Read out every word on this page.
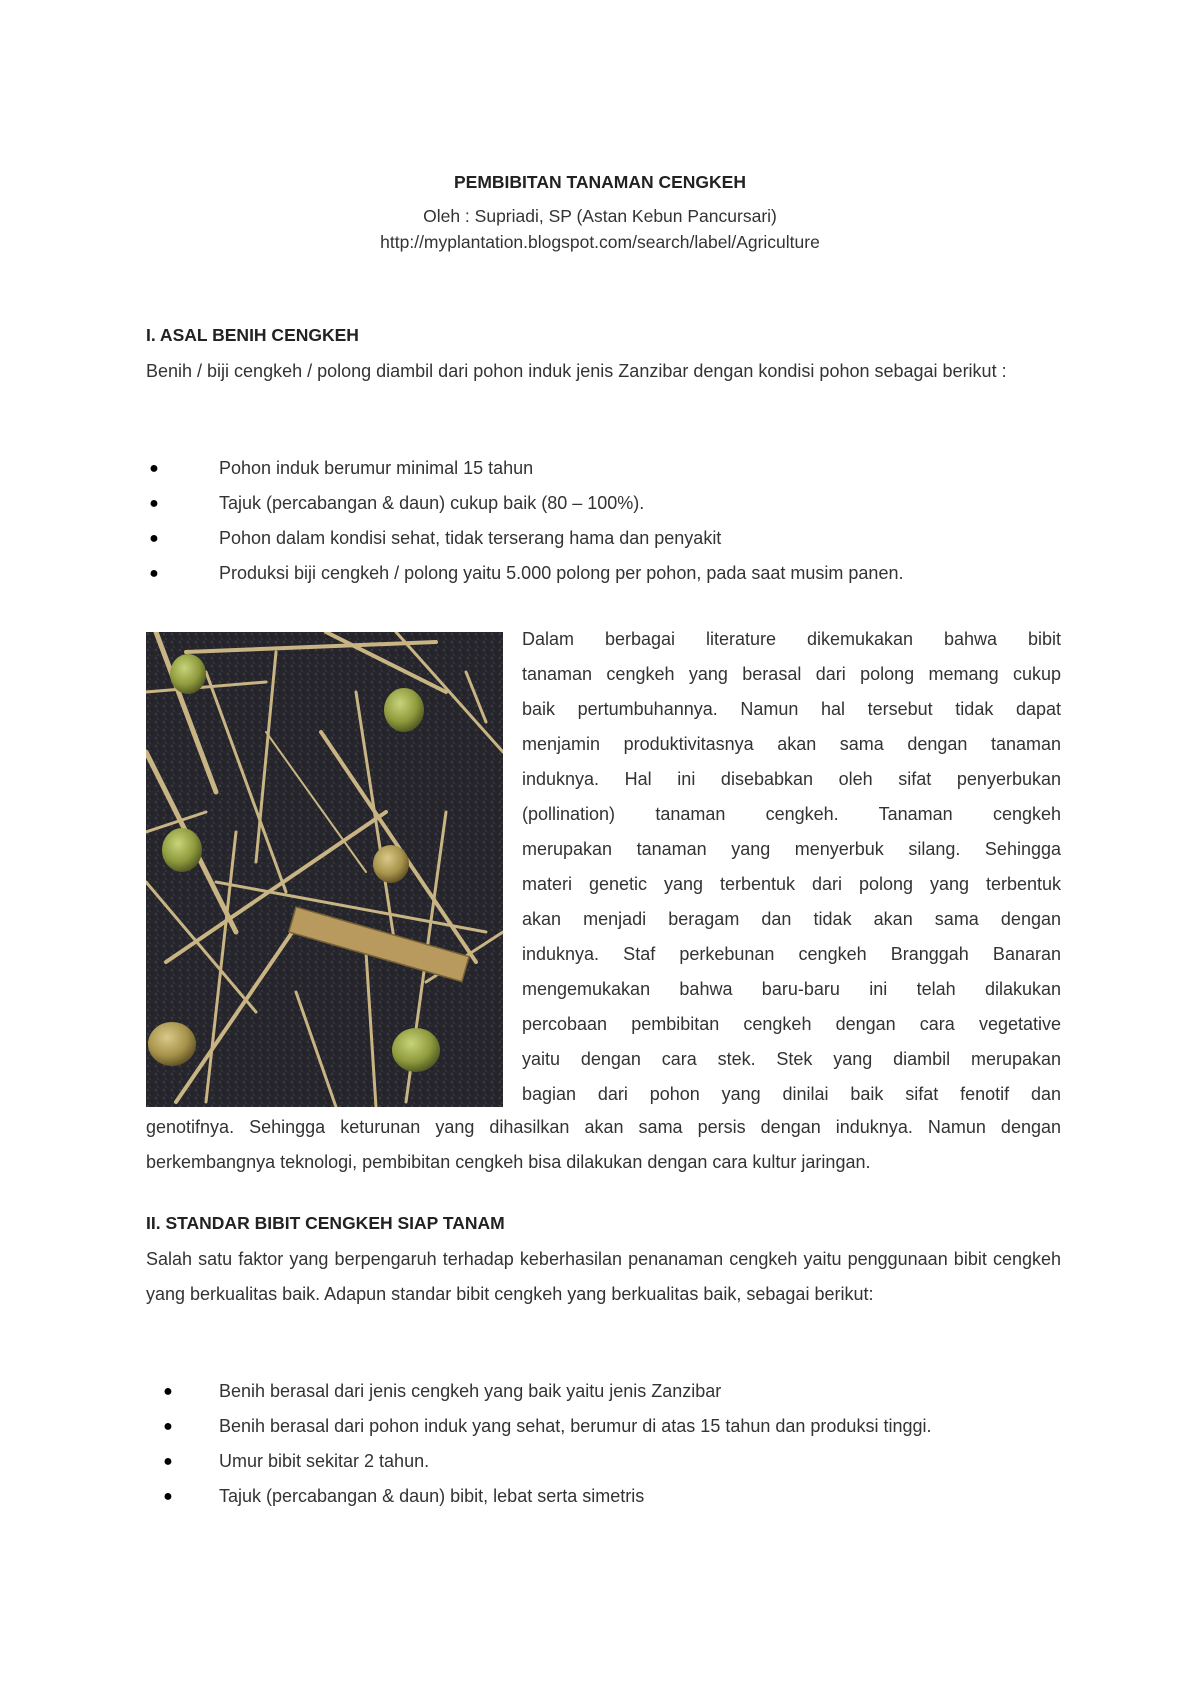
PEMBIBITAN TANAMAN CENGKEH
Oleh : Supriadi, SP (Astan Kebun Pancursari)
http://myplantation.blogspot.com/search/label/Agriculture
I. ASAL BENIH CENGKEH
Benih / biji cengkeh / polong diambil dari pohon induk jenis Zanzibar dengan kondisi pohon sebagai berikut :
●	Pohon induk berumur minimal 15 tahun
●	Tajuk (percabangan & daun) cukup baik (80 – 100%).
●	Pohon dalam kondisi sehat, tidak terserang hama dan penyakit
●	Produksi biji cengkeh / polong yaitu 5.000 polong per pohon, pada saat musim panen.
Dalam berbagai literature dikemukakan bahwa bibit
tanaman cengkeh yang berasal dari polong memang cukup
baik pertumbuhannya. Namun hal tersebut tidak dapat
menjamin produktivitasnya akan sama dengan tanaman
induknya. Hal ini disebabkan oleh sifat penyerbukan
(pollination) tanaman cengkeh. Tanaman cengkeh
merupakan tanaman yang menyerbuk silang. Sehingga
materi genetic yang terbentuk dari polong yang terbentuk
akan menjadi beragam dan tidak akan sama dengan
induknya. Staf perkebunan cengkeh Branggah Banaran
mengemukakan bahwa baru-baru ini telah dilakukan
percobaan pembibitan cengkeh dengan cara vegetative
yaitu dengan cara stek. Stek yang diambil merupakan
bagian dari pohon yang dinilai baik sifat fenotif dan
genotifnya. Sehingga keturunan yang dihasilkan akan sama persis dengan induknya. Namun dengan berkembangnya teknologi, pembibitan cengkeh bisa dilakukan dengan cara kultur jaringan.
II. STANDAR BIBIT CENGKEH SIAP TANAM
Salah satu faktor yang berpengaruh terhadap keberhasilan penanaman cengkeh yaitu penggunaan bibit cengkeh yang berkualitas baik. Adapun standar bibit cengkeh yang berkualitas baik, sebagai berikut:
●	Benih berasal dari jenis cengkeh yang baik yaitu jenis Zanzibar
●	Benih berasal dari pohon induk yang sehat, berumur di atas 15 tahun dan produksi tinggi.
●	Umur bibit sekitar 2 tahun.
●	Tajuk (percabangan & daun) bibit, lebat serta simetris
